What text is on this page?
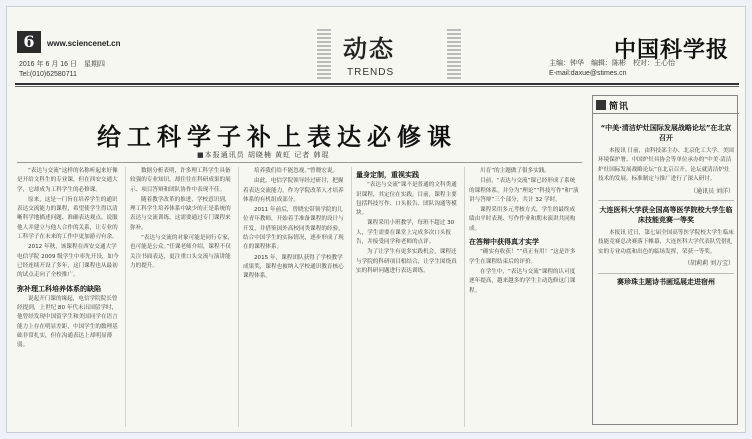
6	www.sciencenet.cn
2016 年 6 月 16 日　星期四
Tel:(010)62580711
动态
TRENDS
中国科学报
主编：钟华　编辑：陈彬　校对：王心怡
E-mail:daxue@stimes.cn
给工科学子补上表达必修课
■本报通讯员 胡晓楠 黄虹 记者 韩琨

“表达与交流”这样的名称听起来好像是开给文科生的专业课，但在西安交通大学，它却成为工科学生的必修课。

原来，这是一门旨在培养学生的通识表达交流能力的课程，希望使学生得以清晰科学地描述问题、准确表达观点、说服他人并建立与他人合作的关系，让专业的工科学子在未来的工作中更加游刃有余。

2012 年秋，该课程在西安交通大学电信学院 2009 级学生中率先开设，如今已经连续开设了多年，这门课程也从最初的试点走向了全校推广。

弥补理工科培养体系的缺陷

说起开门课的缘起，电信学院院长曾经提到，上世纪 80 年代末出国留学时，他曾经发现中国留学生和美国同学在语言能力上存在明显差距，中国学生的数理基础非常扎实，但在沟通表达上却明显薄弱。

数据分析表明，许多理工科学生具备较强的专业知识，却往往在科研成果的展示、项目答辩和团队协作中表现不佳。

随着教学改革的推进，学校意识到，理工科学生培养体系中缺少的正是系统的表达与交流训练，这需要通过专门课程来弥补。

“表达与交流的对象可能是同行专家，也可能是公众。”任课老师介绍，课程不仅关注书面表达，更注重口头交流与演讲能力的提升。

培养我们给不能忽视。”曾晓宏说。

由此，电信学院领导经过研讨，把握着表达交流能力，作为学院改革人才培养体系的有机组成部分。

2011 年前后，曾晓宏带领学院的几位青年教师，开始着手准备课程的设计与开发，并借鉴国外高校同类课程的经验，结合中国学生的实际情况，逐步形成了现在的课程体系。

2015 年，课程团队获得了学校教学成果奖，课程也被纳入学校通识教育核心课程体系。

量身定制，重视实践

“表达与交流”课不是普通的文科类通识课程，其定位在实践。目前，课程主要包括科技写作、口头报告、团队沟通等模块。

课程采用小班教学，每班不超过 30 人，学生需要在课堂上完成多次口头报告，并接受同学和老师的点评。

为了让学生有更多实践机会，课程还与学院的科研项目相结合，让学生围绕真实的科研问题进行表达训练。

川育”的主题做了很多实践。

目前，“表达与交流”课已经形成了系统的课程体系，并分为“理论”“科技写作”和“演讲与答辩”三个部分，共计 32 学时。

课程采用多元考核方式，学生的最终成绩由平时表现、写作作业和期末演讲共同构成。

在答辩中获得真才实学

“确实有收获！”“真正有用！”这是许多学生在课程结束后的评价。

在学生中，“表达与交流”课程的认可度逐年提高，越来越多的学生主动选修这门课程。

简讯
“中美·清洁炉灶国际发展战略论坛”在北京召开

本报讯 日前，由科技部主办、北京化工大学、美国环境保护署、中国炉灶具协会等单位承办的“中美·清洁炉灶国际发展战略论坛”在北京召开。论坛就清洁炉灶技术的发展、标准制定与推广进行了深入研讨。

（通讯员 刘洋）
大连医科大学获全国高等医学院校大学生临床技能竞赛一等奖

本报讯 近日，第七届全国高等医学院校大学生临床技能竞赛总决赛落下帷幕，大连医科大学代表队凭借扎实的专业功底和出色的临场发挥，荣获一等奖。

（胡莉莉 刘万宝）
赛珍珠主题诗书画巡展走进宿州
